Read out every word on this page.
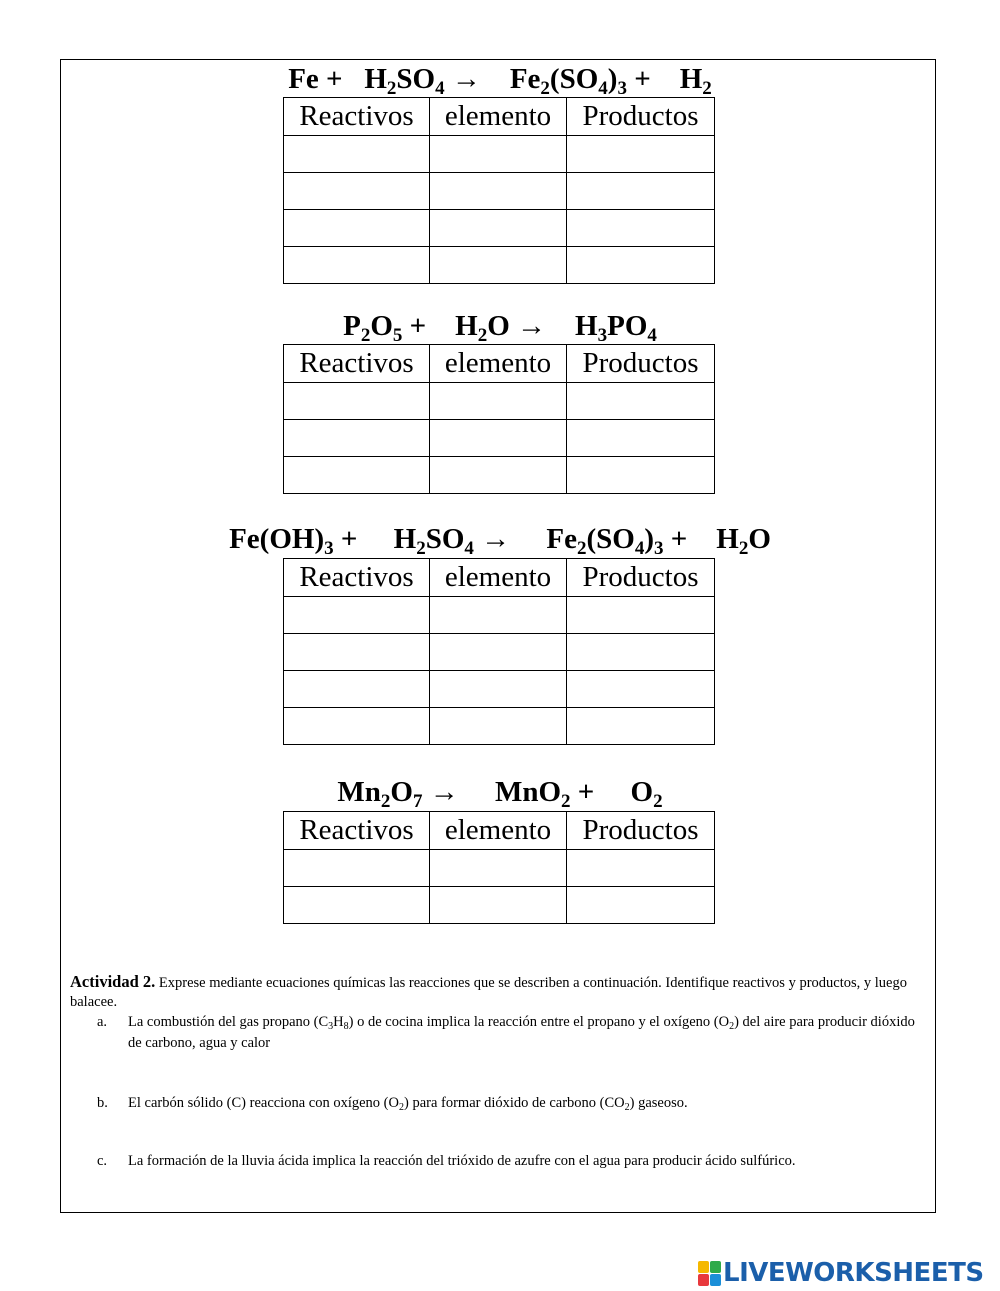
$Fe + H_2SO_4$ →    $Fe_2(SO_4)_3$ +    $H_2$
Reactivos	elemento	Productos

$P_2O_5$ +    $H_2O$ →    $H_3PO_4$
Reactivos	elemento	Productos

$Fe(OH)_3$ +     $H_2SO_4$ →     $Fe_2(SO_4)_3$ +    $H_2O$
Reactivos	elemento	Productos

$Mn_2O_7$ →     MnO$_2$ +     $O_2$
Reactivos	elemento	Productos

Actividad 2. Exprese mediante ecuaciones químicas las reacciones que se describen a continuación. Identifique reactivos y productos, y luego balacee.
a. La combustión del gas propano $(C_3H_8)$ o de cocina implica la reacción entre el propano y el oxígeno $(O_2)$ del aire para producir dióxido de carbono, agua y calor
b. El carbón sólido (C) reacciona con oxígeno $(O_2)$ para formar dióxido de carbono $(CO_2)$ gaseoso.
c. La formación de la lluvia ácida implica la reacción del trióxido de azufre con el agua para producir ácido sulfúrico.
LIVEWORKSHEETS
